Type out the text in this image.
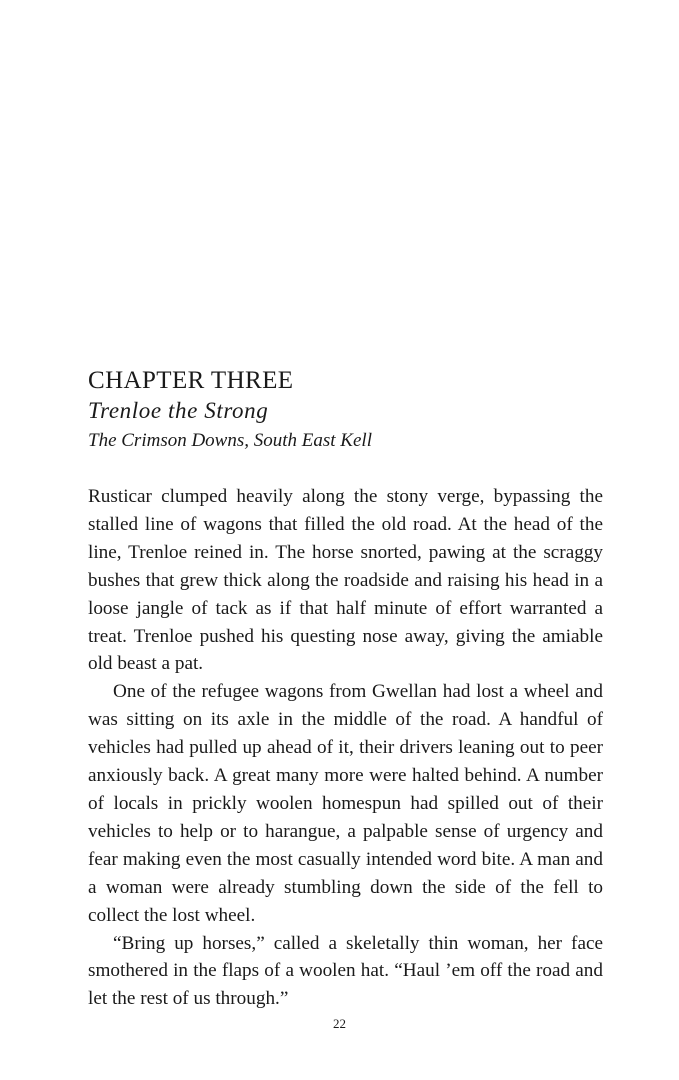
CHAPTER THREE
Trenloe the Strong

The Crimson Downs, South East Kell

Rusticar clumped heavily along the stony verge, bypassing the stalled line of wagons that filled the old road. At the head of the line, Trenloe reined in. The horse snorted, pawing at the scraggy bushes that grew thick along the roadside and raising his head in a loose jangle of tack as if that half minute of effort warranted a treat. Trenloe pushed his questing nose away, giving the amiable old beast a pat.

One of the refugee wagons from Gwellan had lost a wheel and was sitting on its axle in the middle of the road. A handful of vehicles had pulled up ahead of it, their drivers leaning out to peer anxiously back. A great many more were halted behind. A number of locals in prickly woolen homespun had spilled out of their vehicles to help or to harangue, a palpable sense of urgency and fear making even the most casually intended word bite. A man and a woman were already stumbling down the side of the fell to collect the lost wheel.

“Bring up horses,” called a skeletally thin woman, her face smothered in the flaps of a woolen hat. “Haul ’em off the road and let the rest of us through.”

22
